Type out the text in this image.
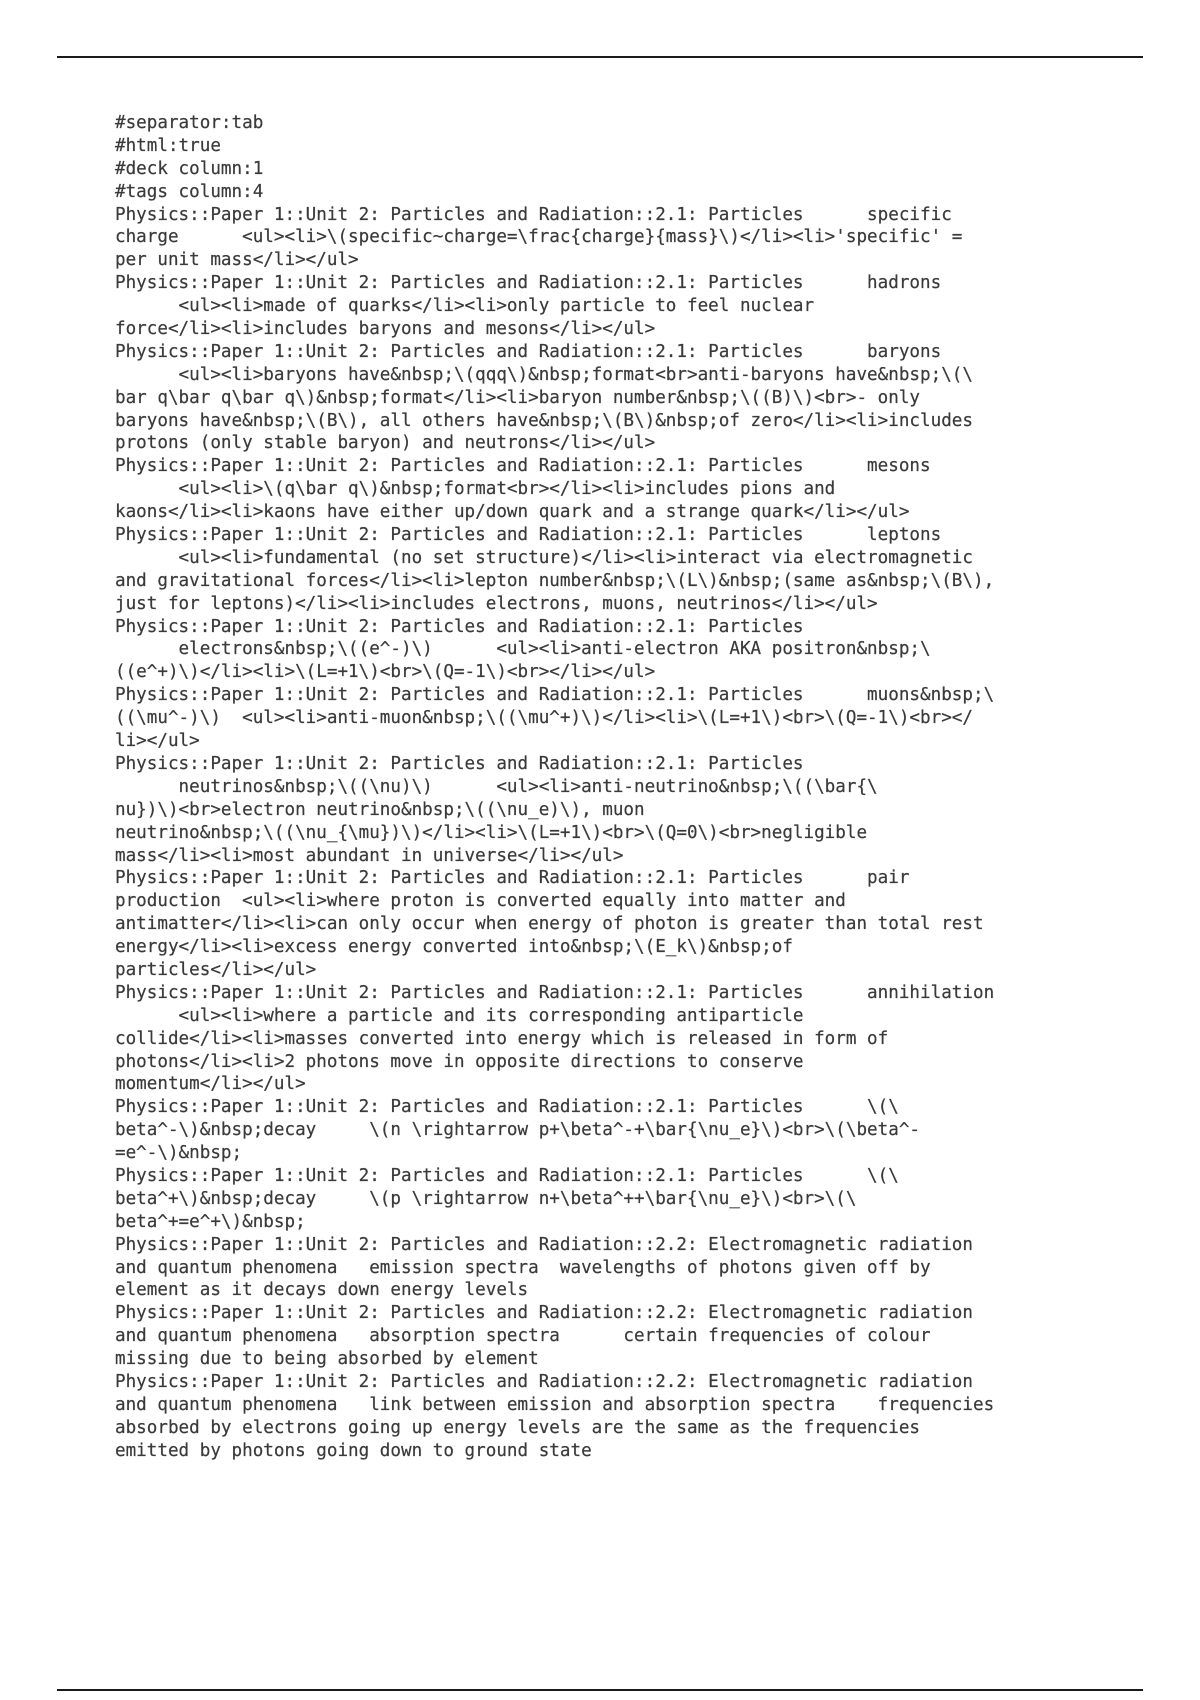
#separator:tab
#html:true
#deck column:1
#tags column:4
Physics::Paper 1::Unit 2: Particles and Radiation::2.1: Particles      specific
charge      <ul><li>\(specific~charge=\frac{charge}{mass}\)</li><li>'specific' =
per unit mass</li></ul>
Physics::Paper 1::Unit 2: Particles and Radiation::2.1: Particles      hadrons
<ul><li>made of quarks</li><li>only particle to feel nuclear
force</li><li>includes baryons and mesons</li></ul>
Physics::Paper 1::Unit 2: Particles and Radiation::2.1: Particles      baryons
<ul><li>baryons have&nbsp;\(qqq\)&nbsp;format<br>anti-baryons have&nbsp;\(\
bar q\bar q\bar q\)&nbsp;format</li><li>baryon number&nbsp;\((B)\)<br>- only
baryons have&nbsp;\(B\), all others have&nbsp;\(B\)&nbsp;of zero</li><li>includes
protons (only stable baryon) and neutrons</li></ul>
Physics::Paper 1::Unit 2: Particles and Radiation::2.1: Particles      mesons
<ul><li>\(q\bar q\)&nbsp;format<br></li><li>includes pions and
kaons</li><li>kaons have either up/down quark and a strange quark</li></ul>
Physics::Paper 1::Unit 2: Particles and Radiation::2.1: Particles      leptons
<ul><li>fundamental (no set structure)</li><li>interact via electromagnetic
and gravitational forces</li><li>lepton number&nbsp;\(L\)&nbsp;(same as&nbsp;\(B\),
just for leptons)</li><li>includes electrons, muons, neutrinos</li></ul>
Physics::Paper 1::Unit 2: Particles and Radiation::2.1: Particles
electrons&nbsp;\((e^-)\)      <ul><li>anti-electron AKA positron&nbsp;\
((e^+)\)</li><li>\(L=+1\)<br>\(Q=-1\)<br></li></ul>
Physics::Paper 1::Unit 2: Particles and Radiation::2.1: Particles      muons&nbsp;\
((\mu^-)\)  <ul><li>anti-muon&nbsp;\((\mu^+)\)</li><li>\(L=+1\)<br>\(Q=-1\)<br></
li></ul>
Physics::Paper 1::Unit 2: Particles and Radiation::2.1: Particles
neutrinos&nbsp;\((\nu)\)      <ul><li>anti-neutrino&nbsp;\((\bar{\
nu})\)<br>electron neutrino&nbsp;\((\nu_e)\), muon
neutrino&nbsp;\((\nu_{\mu})\)</li><li>\(L=+1\)<br>\(Q=0\)<br>negligible
mass</li><li>most abundant in universe</li></ul>
Physics::Paper 1::Unit 2: Particles and Radiation::2.1: Particles      pair
production  <ul><li>where proton is converted equally into matter and
antimatter</li><li>can only occur when energy of photon is greater than total rest
energy</li><li>excess energy converted into&nbsp;\(E_k\)&nbsp;of
particles</li></ul>
Physics::Paper 1::Unit 2: Particles and Radiation::2.1: Particles      annihilation
<ul><li>where a particle and its corresponding antiparticle
collide</li><li>masses converted into energy which is released in form of
photons</li><li>2 photons move in opposite directions to conserve
momentum</li></ul>
Physics::Paper 1::Unit 2: Particles and Radiation::2.1: Particles      \(\
beta^-\)&nbsp;decay     \(n \rightarrow p+\beta^-+\bar{\nu_e}\)<br>\(\beta^-
=e^-\)&nbsp;
Physics::Paper 1::Unit 2: Particles and Radiation::2.1: Particles      \(\
beta^+\)&nbsp;decay     \(p \rightarrow n+\beta^++\bar{\nu_e}\)<br>\(\
beta^+=e^+\)&nbsp;
Physics::Paper 1::Unit 2: Particles and Radiation::2.2: Electromagnetic radiation
and quantum phenomena   emission spectra  wavelengths of photons given off by
element as it decays down energy levels
Physics::Paper 1::Unit 2: Particles and Radiation::2.2: Electromagnetic radiation
and quantum phenomena   absorption spectra      certain frequencies of colour
missing due to being absorbed by element
Physics::Paper 1::Unit 2: Particles and Radiation::2.2: Electromagnetic radiation
and quantum phenomena   link between emission and absorption spectra    frequencies
absorbed by electrons going up energy levels are the same as the frequencies
emitted by photons going down to ground state
